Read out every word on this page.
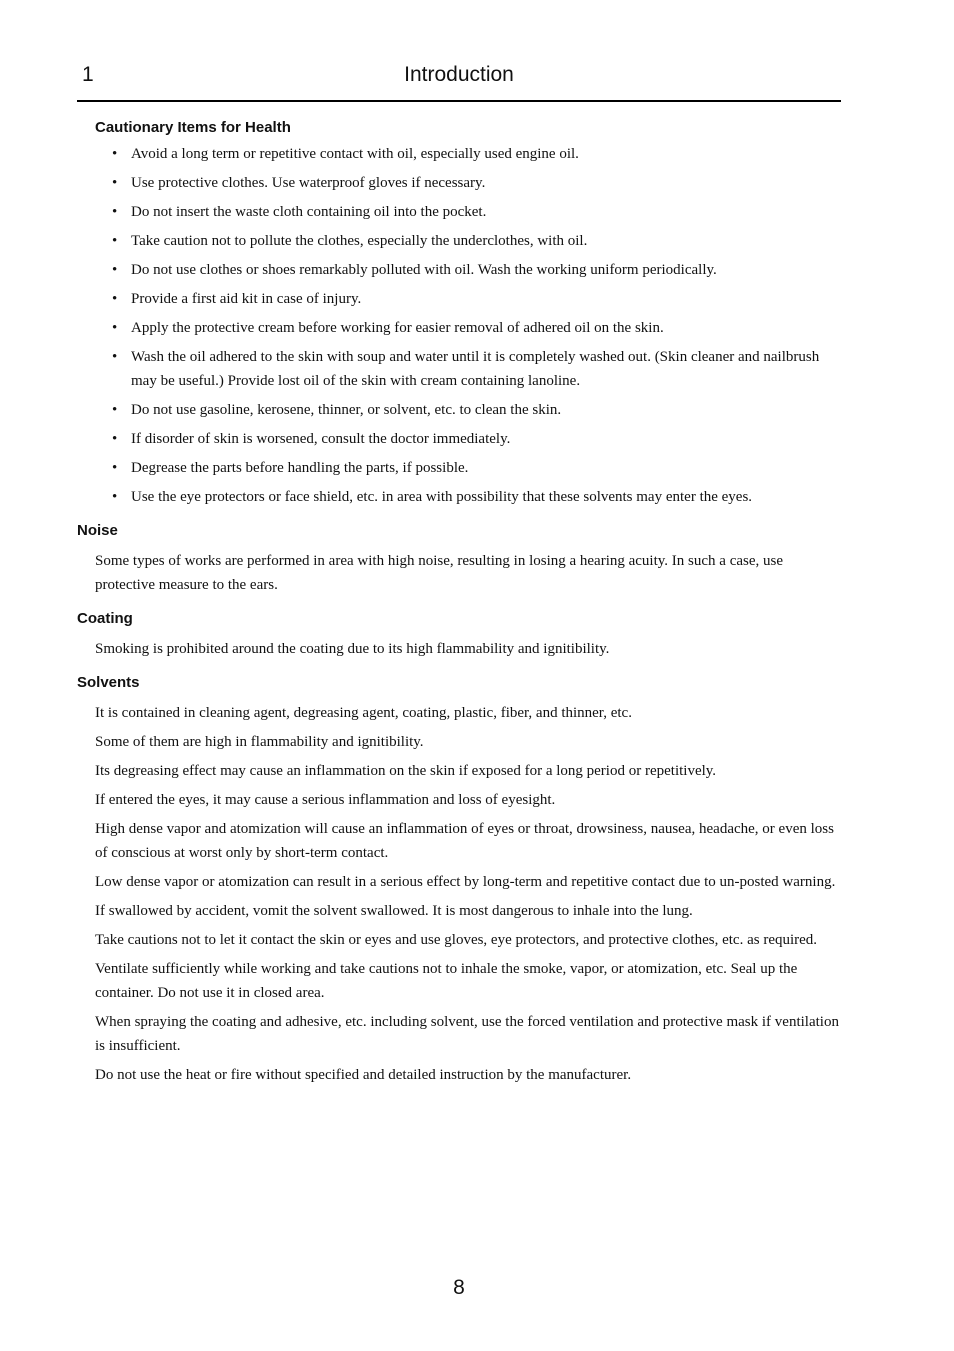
1	Introduction
Cautionary Items for Health
• Avoid a long term or repetitive contact with oil, especially used engine oil.
• Use protective clothes. Use waterproof gloves if necessary.
• Do not insert the waste cloth containing oil into the pocket.
• Take caution not to pollute the clothes, especially the underclothes, with oil.
• Do not use clothes or shoes remarkably polluted with oil. Wash the working uniform periodically.
• Provide a first aid kit in case of injury.
• Apply the protective cream before working for easier removal of adhered oil on the skin.
• Wash the oil adhered to the skin with soup and water until it is completely washed out. (Skin cleaner and nailbrush may be useful.) Provide lost oil of the skin with cream containing lanoline.
• Do not use gasoline, kerosene, thinner, or solvent, etc. to clean the skin.
• If disorder of skin is worsened, consult the doctor immediately.
• Degrease the parts before handling the parts, if possible.
• Use the eye protectors or face shield, etc. in area with possibility that these solvents may enter the eyes.
Noise

Some types of works are performed in area with high noise, resulting in losing a hearing acuity. In such a case, use protective measure to the ears.

Coating

Smoking is prohibited around the coating due to its high flammability and ignitibility.

Solvents

It is contained in cleaning agent, degreasing agent, coating, plastic, fiber, and thinner, etc.

Some of them are high in flammability and ignitibility.

Its degreasing effect may cause an inflammation on the skin if exposed for a long period or repetitively.

If entered the eyes, it may cause a serious inflammation and loss of eyesight.

High dense vapor and atomization will cause an inflammation of eyes or throat, drowsiness, nausea, headache, or even loss of conscious at worst only by short-term contact.

Low dense vapor or atomization can result in a serious effect by long-term and repetitive contact due to un-posted warning.

If swallowed by accident, vomit the solvent swallowed. It is most dangerous to inhale into the lung.

Take cautions not to let it contact the skin or eyes and use gloves, eye protectors, and protective clothes, etc. as required.

Ventilate sufficiently while working and take cautions not to inhale the smoke, vapor, or atomization, etc. Seal up the container. Do not use it in closed area.

When spraying the coating and adhesive, etc. including solvent, use the forced ventilation and protective mask if ventilation is insufficient.

Do not use the heat or fire without specified and detailed instruction by the manufacturer.

8
